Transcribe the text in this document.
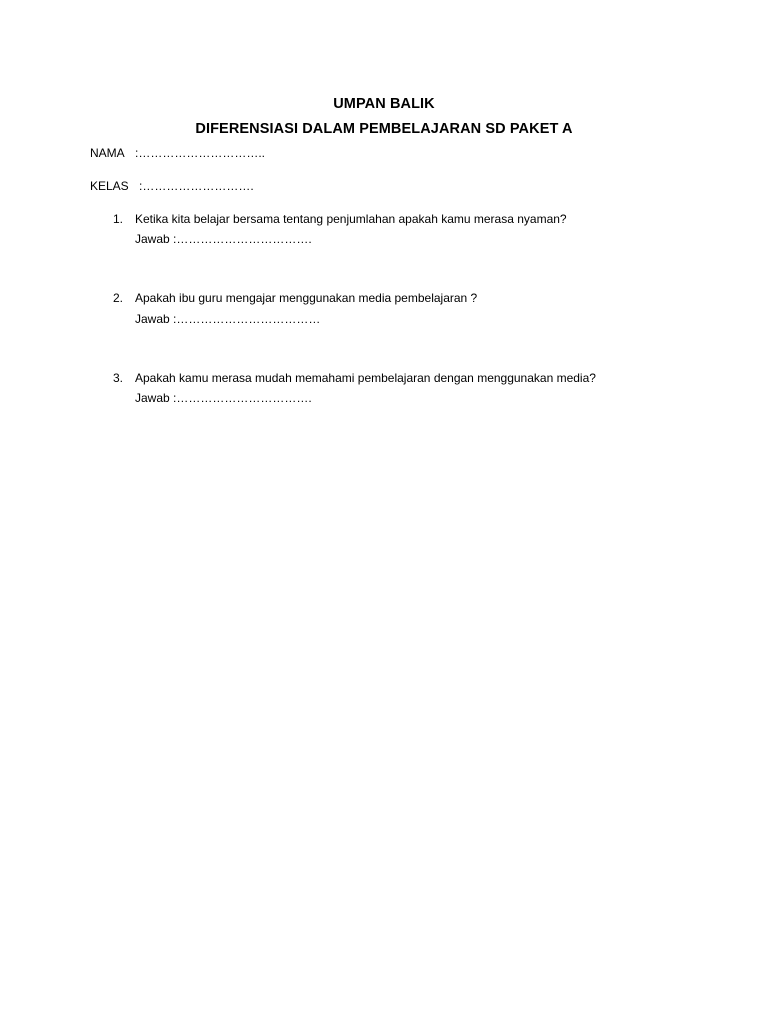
UMPAN BALIK
DIFERENSIASI DALAM PEMBELAJARAN SD PAKET A
NAMA :…………………………..
KELAS :……………………….
1. Ketika kita belajar bersama tentang penjumlahan apakah kamu merasa nyaman?
Jawab :…………………………….
2. Apakah ibu guru mengajar menggunakan media pembelajaran ?
Jawab :………………………………
3. Apakah kamu merasa mudah memahami pembelajaran dengan menggunakan media?
Jawab :…………………………….
